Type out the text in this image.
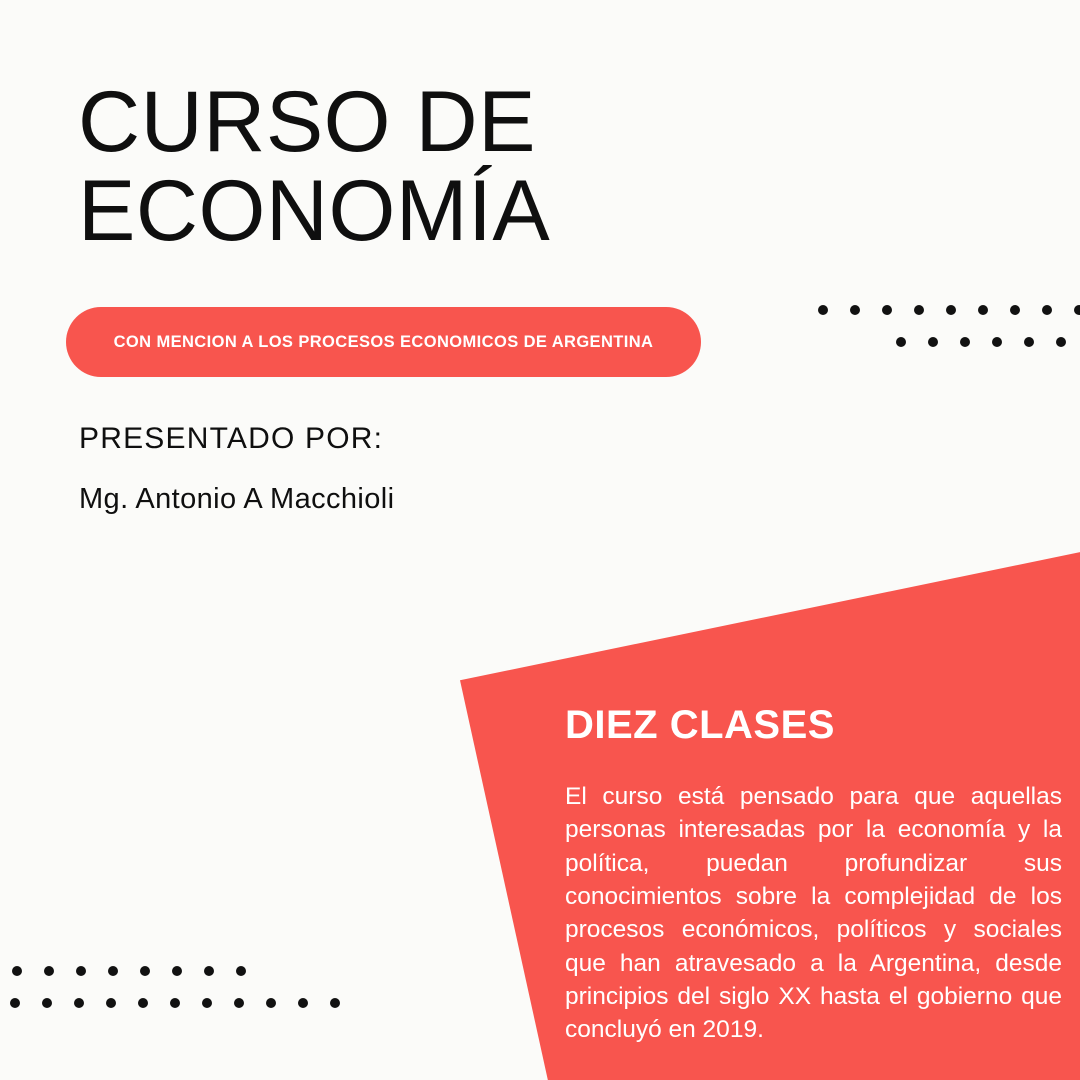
CURSO DE ECONOMÍA
CON MENCION A LOS PROCESOS ECONOMICOS DE ARGENTINA
PRESENTADO POR:
Mg. Antonio A Macchioli
DIEZ CLASES
El curso está pensado para que aquellas personas interesadas por la economía y la política, puedan profundizar sus conocimientos sobre la complejidad de los procesos económicos, políticos y sociales que han atravesado a la Argentina, desde principios del siglo XX hasta el gobierno que concluyó en 2019.
